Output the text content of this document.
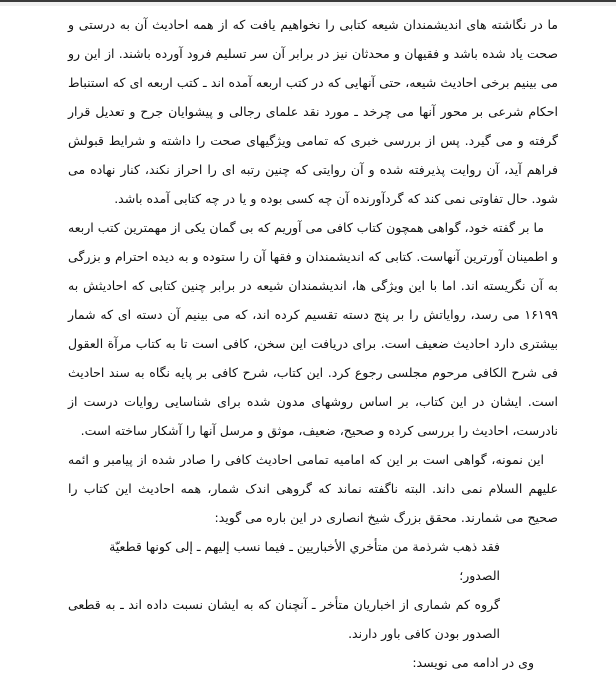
ما در نگاشته های اندیشمندان شیعه کتابی را نخواهیم یافت که از همه احادیث آن به درستی و صحت یاد شده باشد و فقیهان و محدثان نیز در برابر آن سر تسلیم فرود آورده باشند. از این رو می بینیم برخی احادیث شیعه، حتی آنهایی که در کتب اربعه آمده اند ـ کتب اربعه ای که استنباط احکام شرعی بر محور آنها می چرخد ـ مورد نقد علمای رجالی و پیشوایان جرح و تعدیل قرار گرفته و می گیرد. پس از بررسی خبری که تمامی ویژگیهای صحت را داشته و شرایط قبولش فراهم آید، آن روایت پذیرفته شده و آن روایتی که چنین رتبه ای را احراز نکند، کنار نهاده می شود. حال تفاوتی نمی کند که گردآورنده آن چه کسی بوده و یا در چه کتابی آمده باشد.

ما بر گفته خود، گواهی همچون کتاب کافی می آوریم که بی گمان یکی از مهمترین کتب اربعه و اطمینان آورترین آنهاست. کتابی که اندیشمندان و فقها آن را ستوده و به دیده احترام و بزرگی به آن نگریسته اند. اما با این ویژگی ها، اندیشمندان شیعه در برابر چنین کتابی که احادیثش به ۱۶۱۹۹ می رسد، روایاتش را بر پنج دسته تقسیم کرده اند، که می بینیم آن دسته ای که شمار بیشتری دارد احادیث ضعیف است. برای دریافت این سخن، کافی است تا به کتاب مرآة العقول فی شرح الکافی مرحوم مجلسی رجوع کرد. این کتاب، شرح کافی بر پایه نگاه به سند احادیث است. ایشان در این کتاب، بر اساس روشهای مدون شده برای شناسایی روایات درست از نادرست، احادیث را بررسی کرده و صحیح، ضعیف، موثق و مرسل آنها را آشکار ساخته است.

این نمونه، گواهی است بر این که امامیه تمامی احادیث کافی را صادر شده از پیامبر و ائمه علیهم السلام نمی داند. البته ناگفته نماند که گروهی اندک شمار، همه احادیث این کتاب را صحیح می شمارند. محقق بزرگ شیخ انصاری در این باره می گوید:

فقد ذهب شرذمة من متأخري الأخباريين ـ فيما نسب إليهم ـ إلى كونها قطعيّة الصدور؛

گروه کم شماری از اخباریان متأخر ـ آنچنان که به ایشان نسبت داده اند ـ به قطعی الصدور بودن کافی باور دارند.

وی در ادامه می نویسد:
